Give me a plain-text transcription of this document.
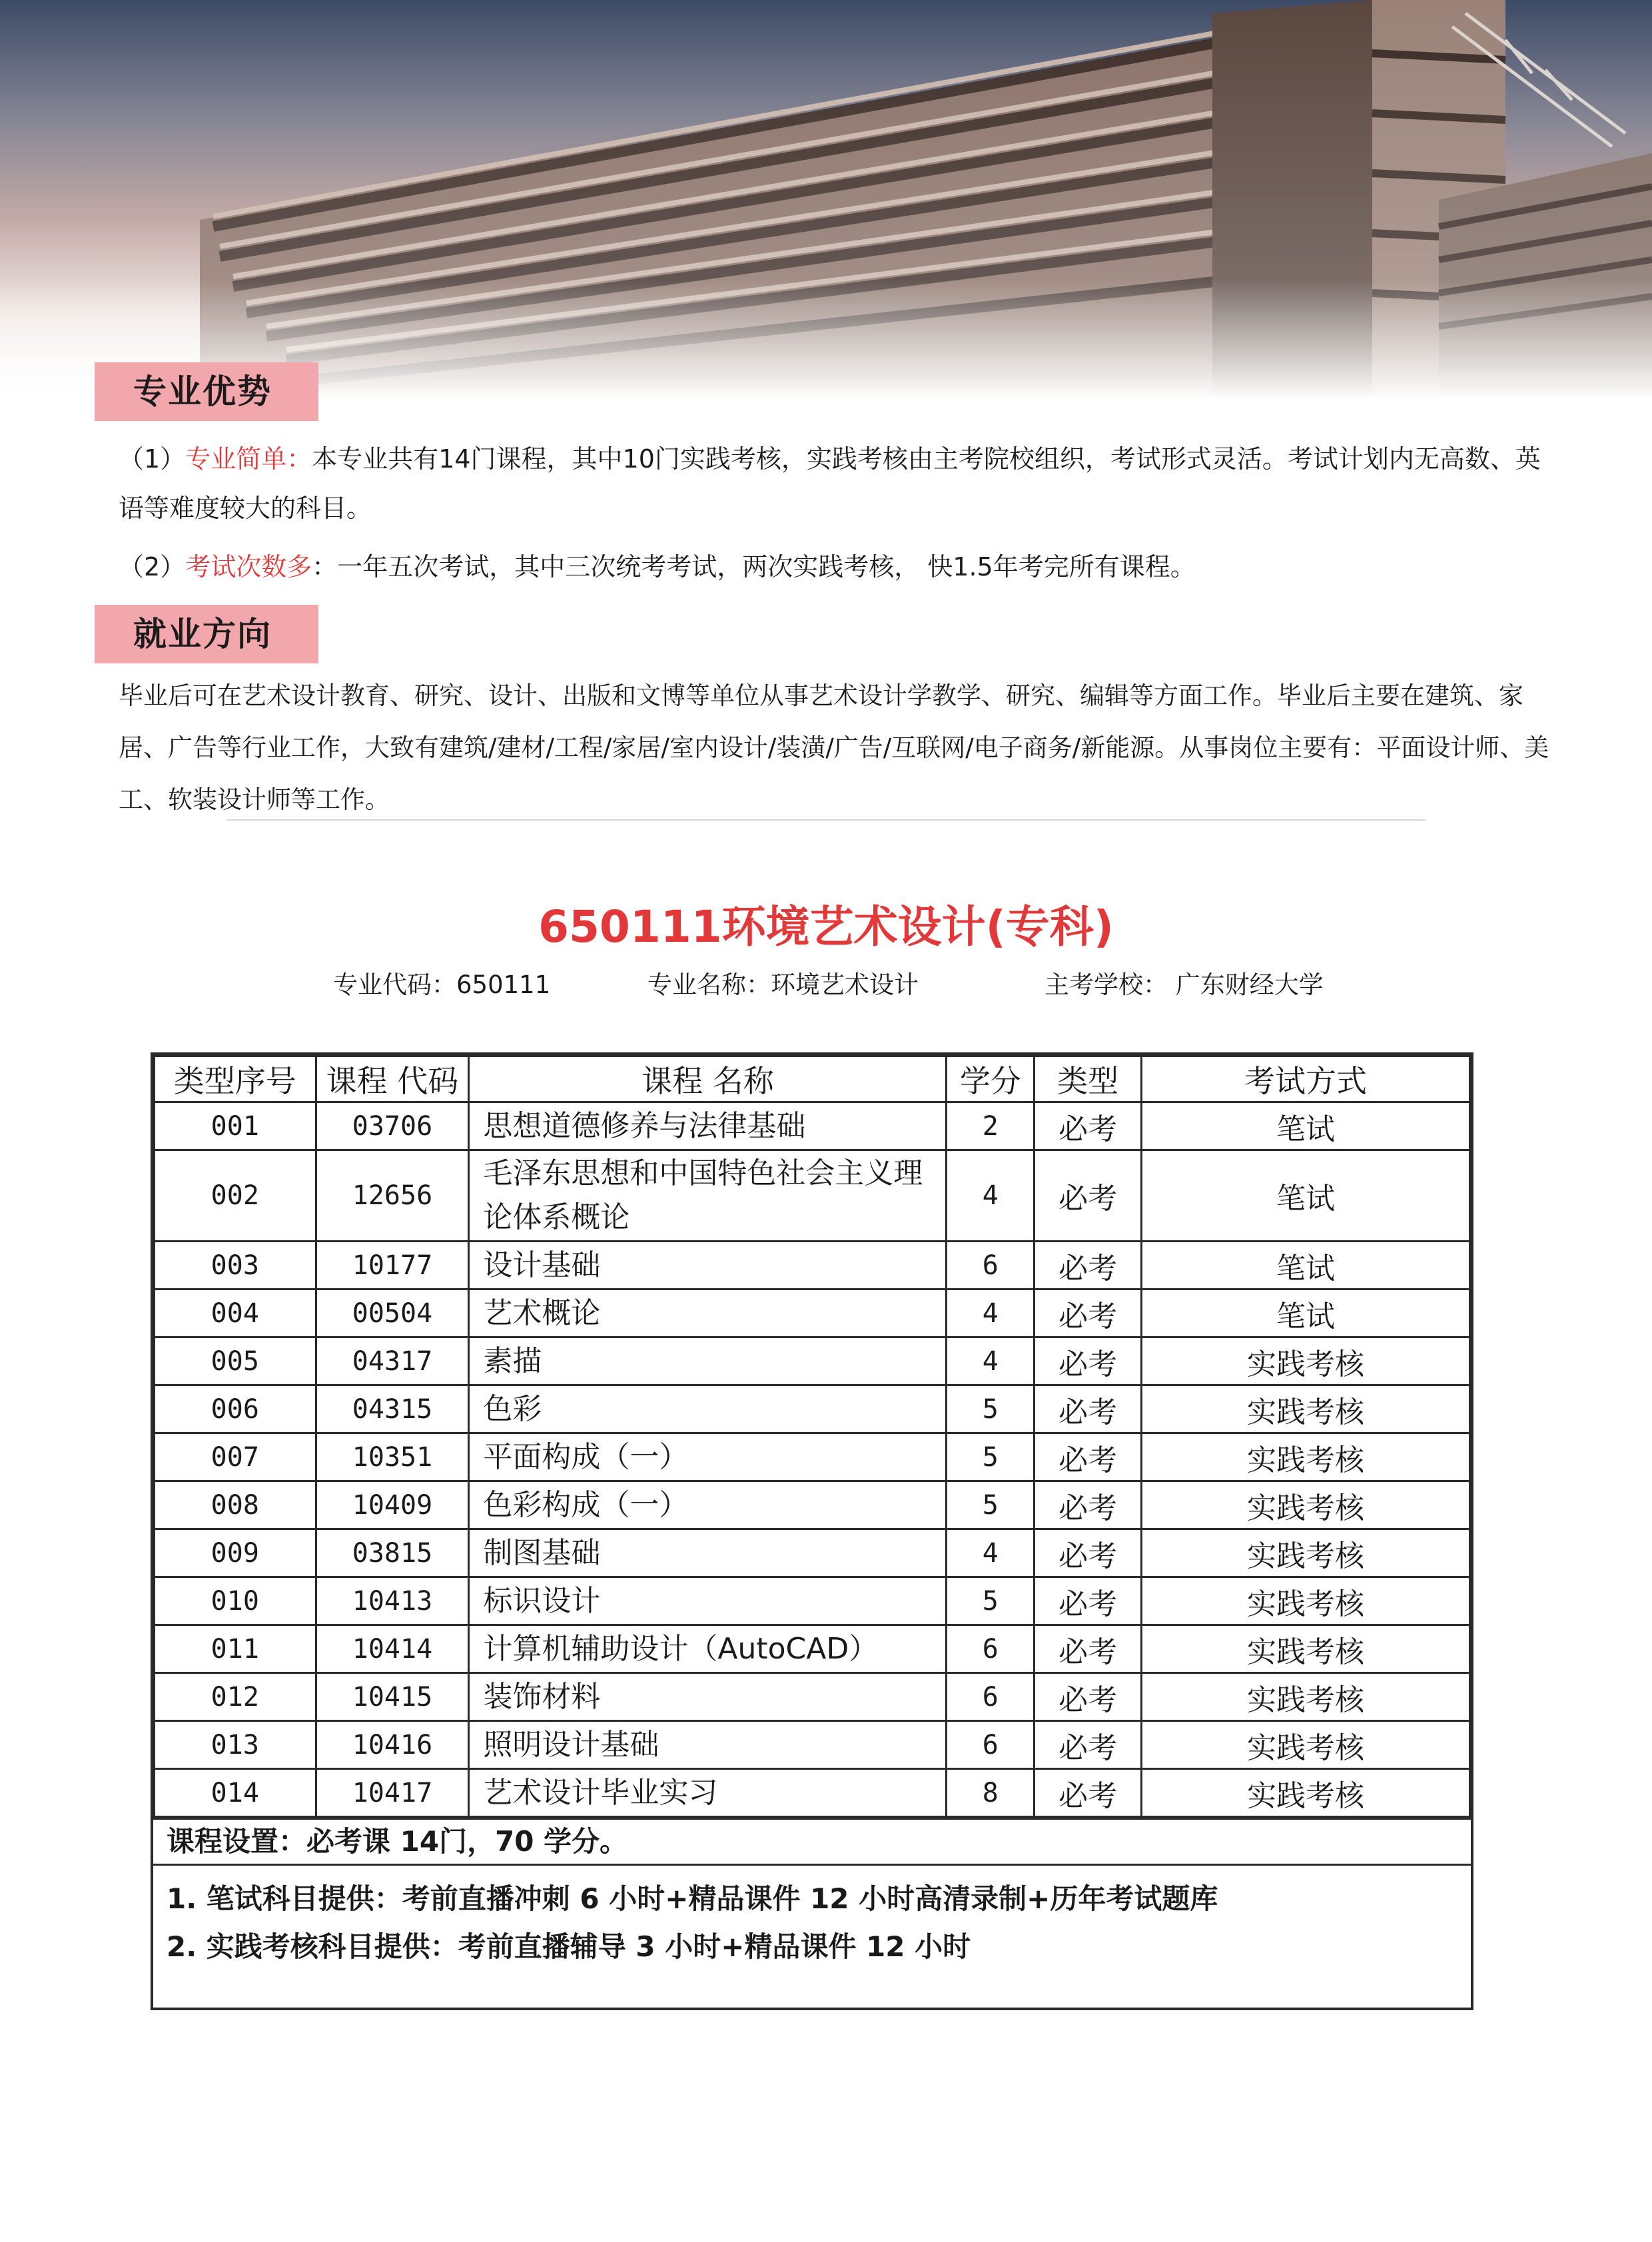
专业优势
（1）专业简单：本专业共有14门课程，其中10门实践考核，实践考核由主考院校组织，考试形式灵活。考试计划内无高数、英语等难度较大的科目。
（2）考试次数多：一年五次考试，其中三次统考考试，两次实践考核， 快1.5年考完所有课程。
就业方向
毕业后可在艺术设计教育、研究、设计、出版和文博等单位从事艺术设计学教学、研究、编辑等方面工作。毕业后主要在建筑、家居、广告等行业工作，大致有建筑/建材/工程/家居/室内设计/装潢/广告/互联网/电子商务/新能源。从事岗位主要有：平面设计师、美工、软装设计师等工作。
650111环境艺术设计(专科)
专业代码：650111	专业名称：环境艺术设计	主考学校： 广东财经大学
类型序号	课程 代码	课程 名称	学分	类型	考试方式
001	03706	思想道德修养与法律基础	2	必考	笔试
002	12656	毛泽东思想和中国特色社会主义理论体系概论	4	必考	笔试
003	10177	设计基础	6	必考	笔试
004	00504	艺术概论	4	必考	笔试
005	04317	素描	4	必考	实践考核
006	04315	色彩	5	必考	实践考核
007	10351	平面构成（一）	5	必考	实践考核
008	10409	色彩构成（一）	5	必考	实践考核
009	03815	制图基础	4	必考	实践考核
010	10413	标识设计	5	必考	实践考核
011	10414	计算机辅助设计（AutoCAD）	6	必考	实践考核
012	10415	装饰材料	6	必考	实践考核
013	10416	照明设计基础	6	必考	实践考核
014	10417	艺术设计毕业实习	8	必考	实践考核
课程设置：必考课 14门，70 学分。
1. 笔试科目提供：考前直播冲刺 6 小时+精品课件 12 小时高清录制+历年考试题库
2. 实践考核科目提供：考前直播辅导 3 小时+精品课件 12 小时
